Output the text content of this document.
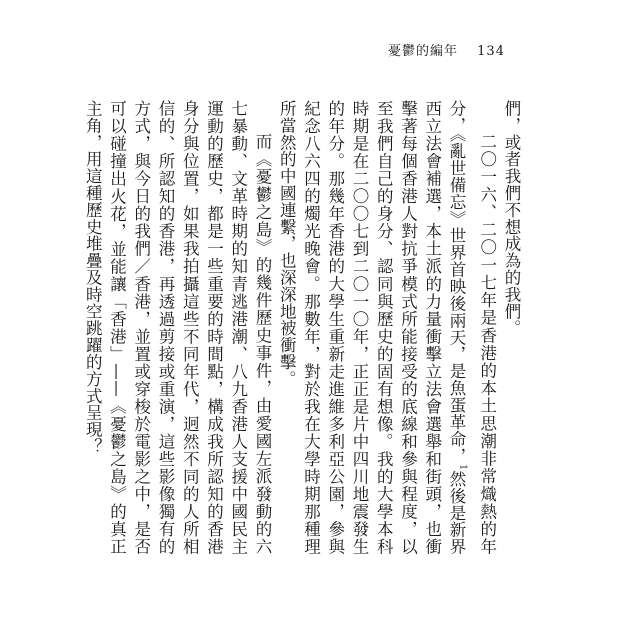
憂鬱的編年 134

們，或者我們不想成為的我們。

二〇一六、二〇一七年是香港的本土思潮非常熾熱的年分，《亂世備忘》世界首映後兩天，是魚蛋革命，$^1$然後是新界西立法會補選，本土派的力量衝擊立法會選舉和街頭，也衝擊著每個香港人對抗爭模式所能接受的底線和參與程度，以至我們自己的身分、認同與歷史的固有想像。我的大學本科時期是在二〇〇七到二〇一〇年，正正是片中四川地震發生的年分。那幾年香港的大學生重新走進維多利亞公園，參與紀念八六四的燭光晚會。那數年，對於我在大學時期那種理所當然的中國連繫，也深深地被衝擊。

而《憂鬱之島》的幾件歷史事件，由愛國左派發動的六七暴動、文革時期的知青逃港潮、八九香港人支援中國民主運動的歷史，都是一些重要的時間點，構成我所認知的香港身分與位置，如果我拍攝這些不同年代，迥然不同的人所相信的、所認知的香港，再透過剪接或重演，這些影像獨有的方式，與今日的我們／香港，並置或穿梭於電影之中，是否可以碰撞出火花，並能讓「香港」——《憂鬱之島》的真正主角，用這種歷史堆疊及時空跳躍的方式呈現？
